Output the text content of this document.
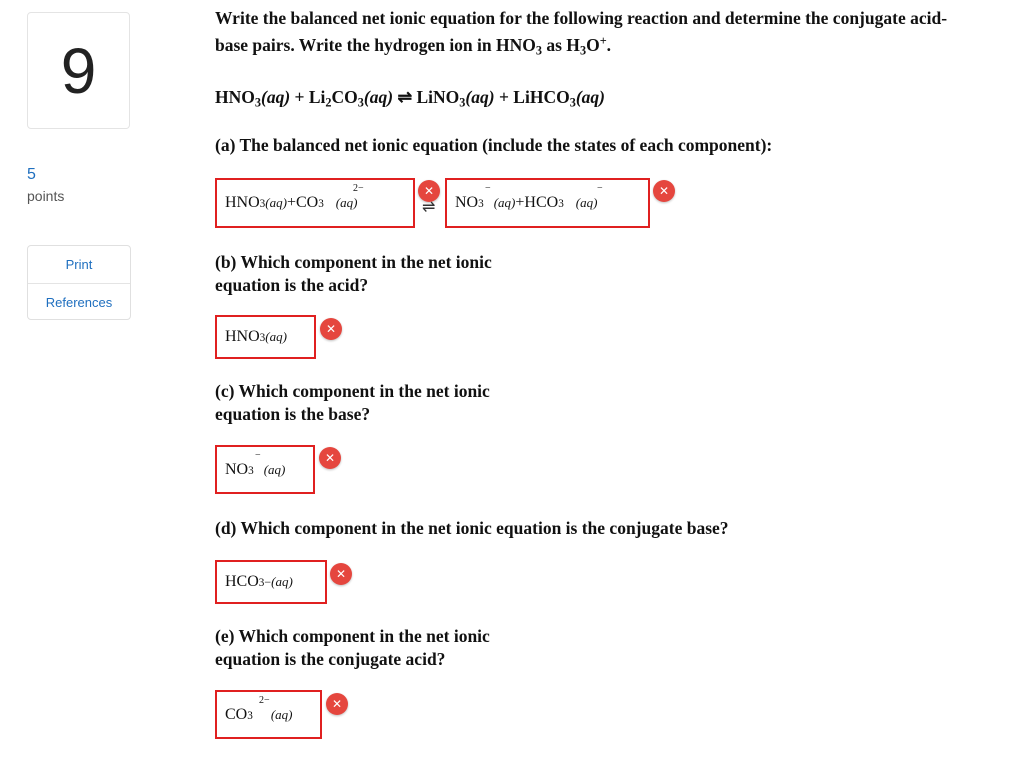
9
5
points
Print
References
Write the balanced net ionic equation for the following reaction and determine the conjugate acid-
base pairs. Write the hydrogen ion in $HNO_3$ as $H_3O^+$.
$HNO_3(aq) + Li_2CO_3(aq)$ ⇌ LiNO$_3$(aq) + LiHCO$_3$(aq)
(a) The balanced net ionic equation (include the states of each component):
HNO 3 (aq) +CO 3
2−
(aq)
✕
⇌ NO 3
−
(aq) +HCO 3
−
(aq)
✕
(b) Which component in the net ionic
equation is the acid?
HNO 3 (aq)	✕
(c) Which component in the net ionic
equation is the base?
NO 3
−
(aq)
✕
(d) Which component in the net ionic equation is the conjugate base?
HCO 3 − (aq)	✕
(e) Which component in the net ionic
equation is the conjugate acid?
CO 3
2−
(aq)
✕
